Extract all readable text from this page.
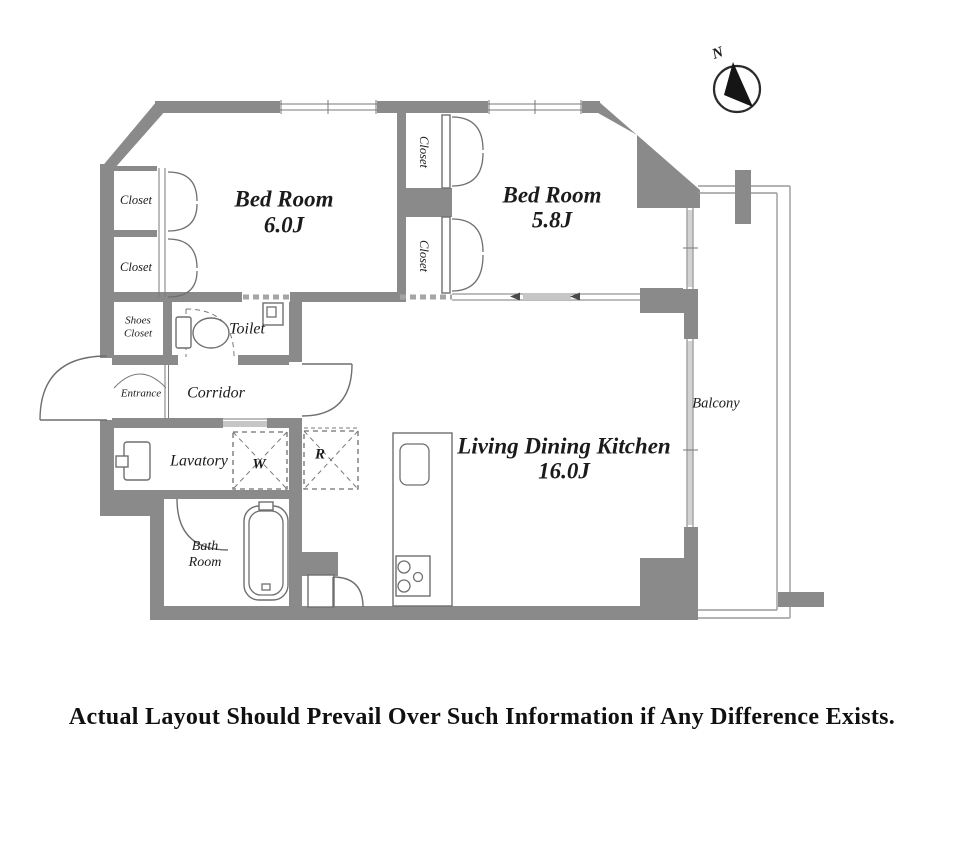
N
Bed Room
6.0J
Bed Room
5.8J
Living Dining Kitchen
16.0J
Closet
Closet
Closet
Closet
Shoes
Closet	Toilet
Entrance Corridor
Lavatory W
R
Bath
Room
Balcony
Actual Layout Should Prevail Over Such Information if Any Difference Exists.
